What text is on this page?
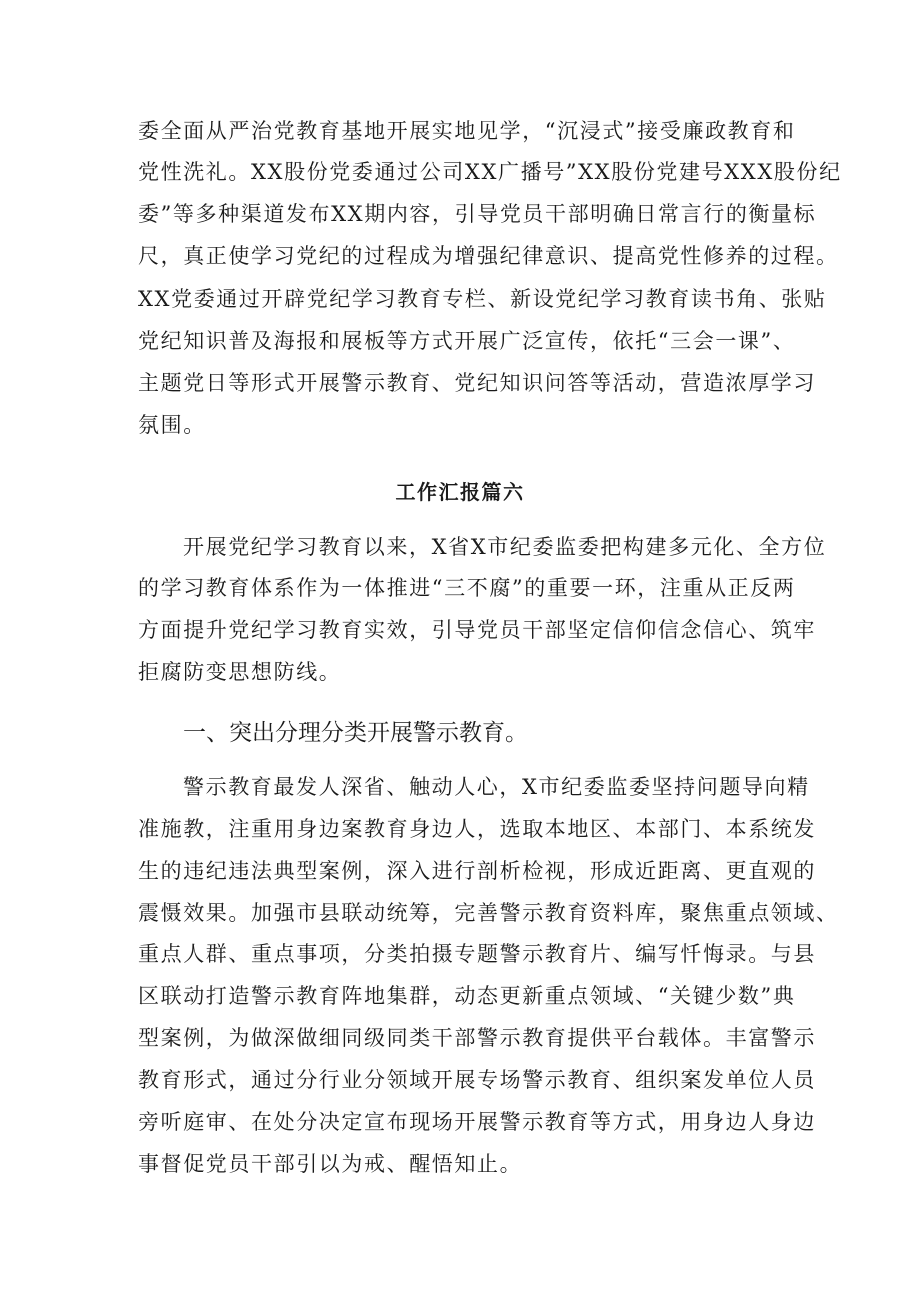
委全面从严治党教育基地开展实地见学，“沉浸式”接受廉政教育和
党性洗礼。XX股份党委通过公司XX广播号”XX股份党建号XXX股份纪
委”等多种渠道发布XX期内容，引导党员干部明确日常言行的衡量标
尺，真正使学习党纪的过程成为增强纪律意识、提高党性修养的过程。
XX党委通过开辟党纪学习教育专栏、新设党纪学习教育读书角、张贴
党纪知识普及海报和展板等方式开展广泛宣传，依托“三会一课”、
主题党日等形式开展警示教育、党纪知识问答等活动，营造浓厚学习
氛围。
工作汇报篇六
开展党纪学习教育以来，X省X市纪委监委把构建多元化、全方位
的学习教育体系作为一体推进“三不腐”的重要一环，注重从正反两
方面提升党纪学习教育实效，引导党员干部坚定信仰信念信心、筑牢
拒腐防变思想防线。
一、突出分理分类开展警示教育。
警示教育最发人深省、触动人心，X市纪委监委坚持问题导向精
准施教，注重用身边案教育身边人，选取本地区、本部门、本系统发
生的违纪违法典型案例，深入进行剖析检视，形成近距离、更直观的
震慑效果。加强市县联动统筹，完善警示教育资料库，聚焦重点领域、
重点人群、重点事项，分类拍摄专题警示教育片、编写忏悔录。与县
区联动打造警示教育阵地集群，动态更新重点领域、“关键少数”典
型案例，为做深做细同级同类干部警示教育提供平台载体。丰富警示
教育形式，通过分行业分领域开展专场警示教育、组织案发单位人员
旁听庭审、在处分决定宣布现场开展警示教育等方式，用身边人身边
事督促党员干部引以为戒、醒悟知止。
